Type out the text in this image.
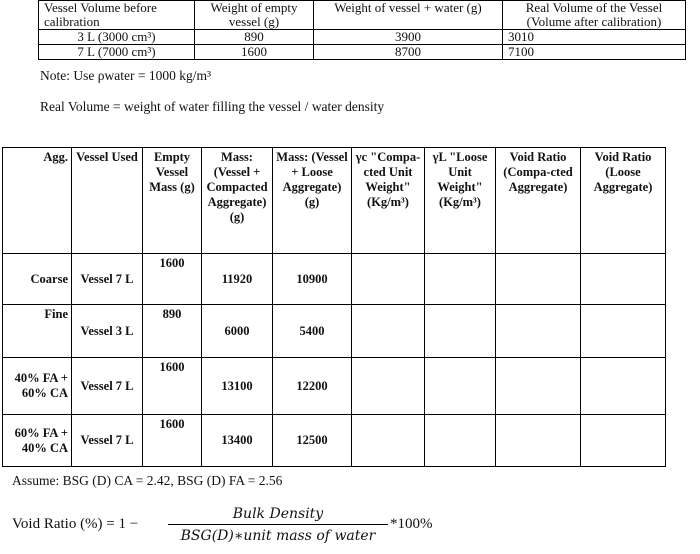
Vessel Volume before calibration	Weight of empty vessel (g)	Weight of vessel + water (g)	Real Volume of the Vessel (Volume after calibration)
3 L (3000 cm³)	890	3900	3010
7 L (7000 cm³)	1600	8700	7100
Note: Use ρwater = 1000 kg/m³
Real Volume = weight of water filling the vessel / water density
Agg.	Vessel Used	Empty Vessel Mass (g)	Mass: (Vessel + Compacted Aggregate) (g)	Mass: (Vessel + Loose Aggregate) (g)	γc "Compa-cted Unit Weight" (Kg/m³)	γL "Loose Unit Weight" (Kg/m³)	Void Ratio (Compa-cted Aggregate)	Void Ratio (Loose Aggregate)
Coarse	Vessel 7 L	1600	11920	10900				
Fine	Vessel 3 L	890	6000	5400				
40% FA + 60% CA	Vessel 7 L	1600	13100	12200				
60% FA + 40% CA	Vessel 7 L	1600	13400	12500				
Assume: BSG (D) CA = 2.42, BSG (D) FA = 2.56
Void Ratio (%) = 1 −
Bulk Density
BSG(D)∗unit mass of water
*100%
